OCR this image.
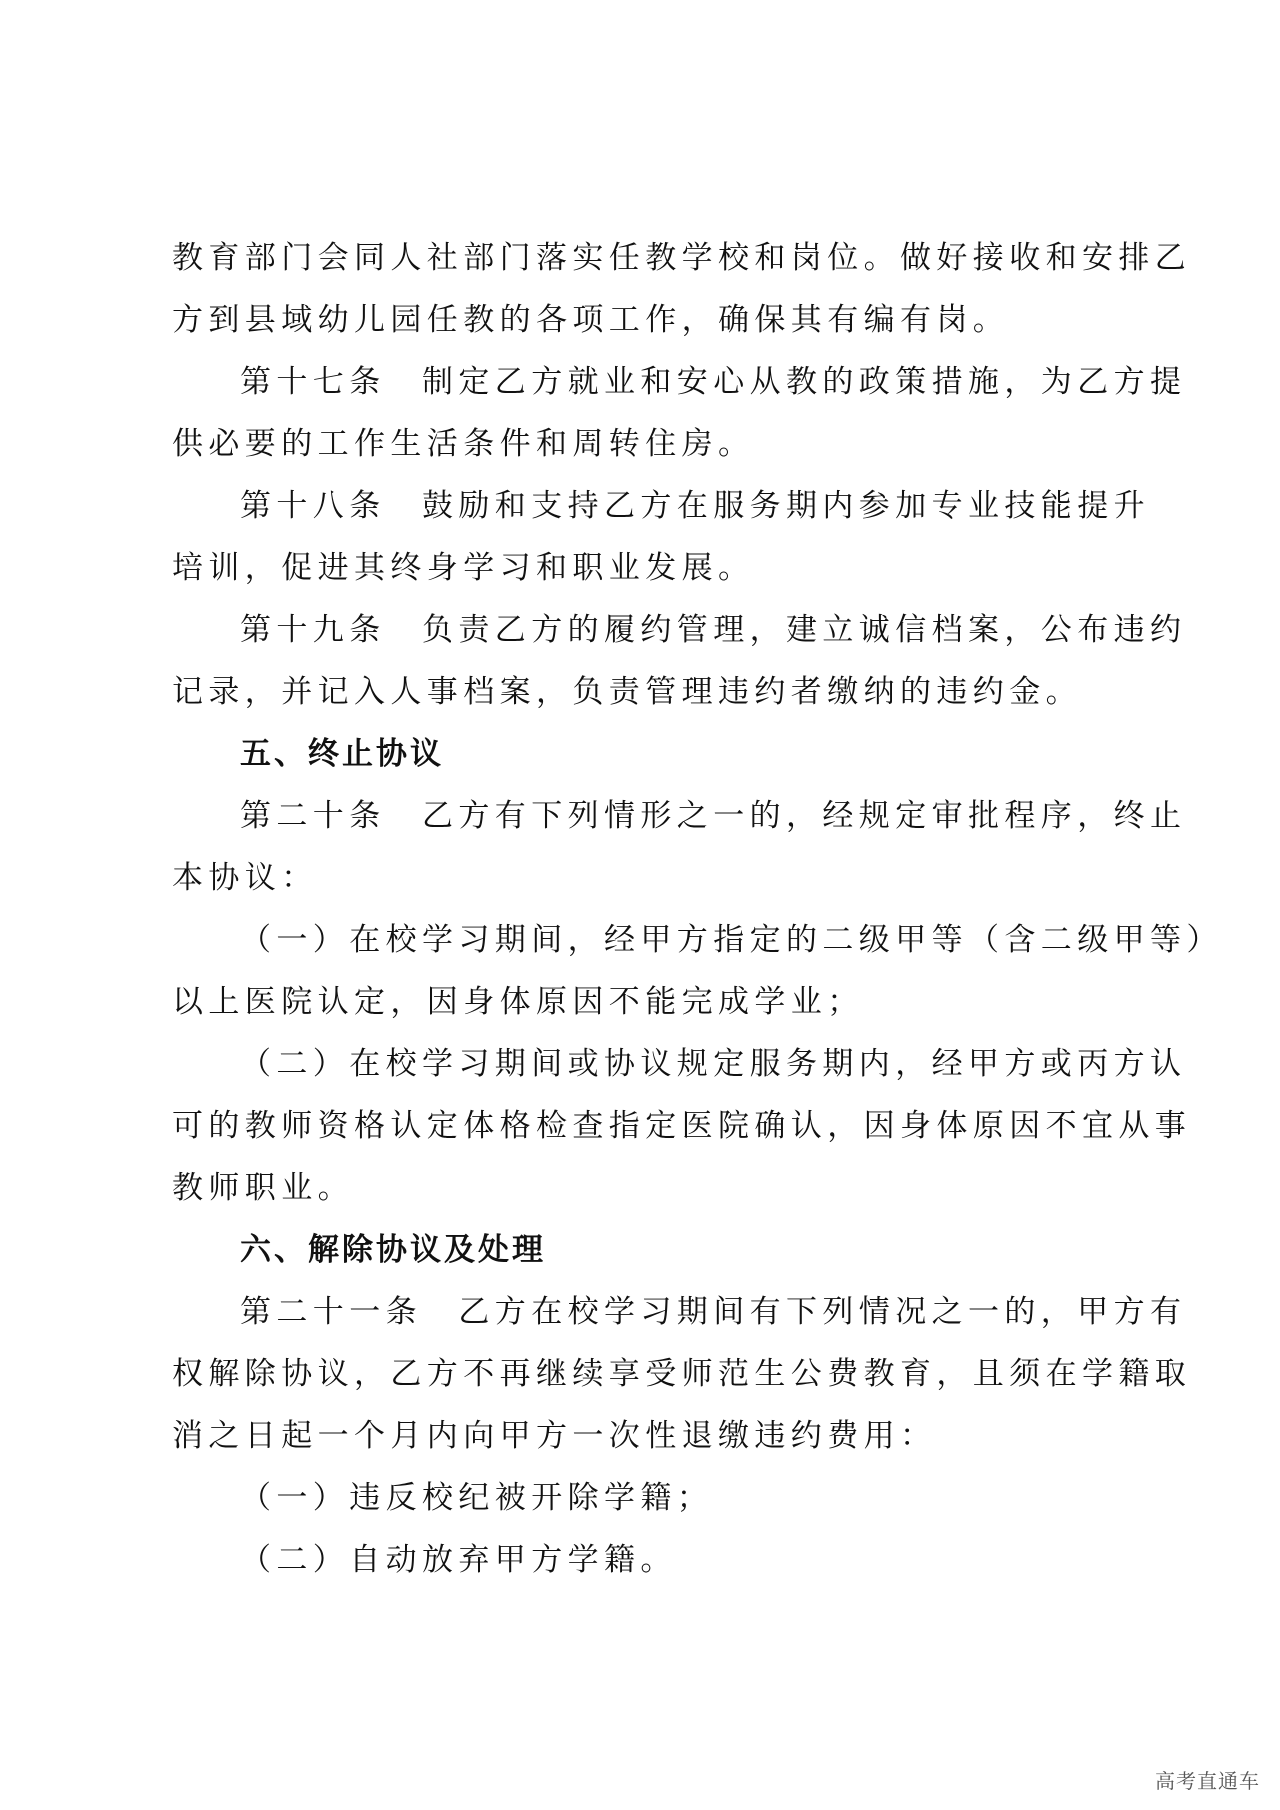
教育部门会同人社部门落实任教学校和岗位。做好接收和安排乙
方到县域幼儿园任教的各项工作，确保其有编有岗。
第十七条　制定乙方就业和安心从教的政策措施，为乙方提
供必要的工作生活条件和周转住房。
第十八条　鼓励和支持乙方在服务期内参加专业技能提升
培训，促进其终身学习和职业发展。
第十九条　负责乙方的履约管理，建立诚信档案，公布违约
记录，并记入人事档案，负责管理违约者缴纳的违约金。
五、终止协议
第二十条　乙方有下列情形之一的，经规定审批程序，终止
本协议：
（一）在校学习期间，经甲方指定的二级甲等（含二级甲等）
以上医院认定，因身体原因不能完成学业；
（二）在校学习期间或协议规定服务期内，经甲方或丙方认
可的教师资格认定体格检查指定医院确认，因身体原因不宜从事
教师职业。
六、解除协议及处理
第二十一条　乙方在校学习期间有下列情况之一的，甲方有
权解除协议，乙方不再继续享受师范生公费教育，且须在学籍取
消之日起一个月内向甲方一次性退缴违约费用：
（一）违反校纪被开除学籍；
（二）自动放弃甲方学籍。
高考直通车
